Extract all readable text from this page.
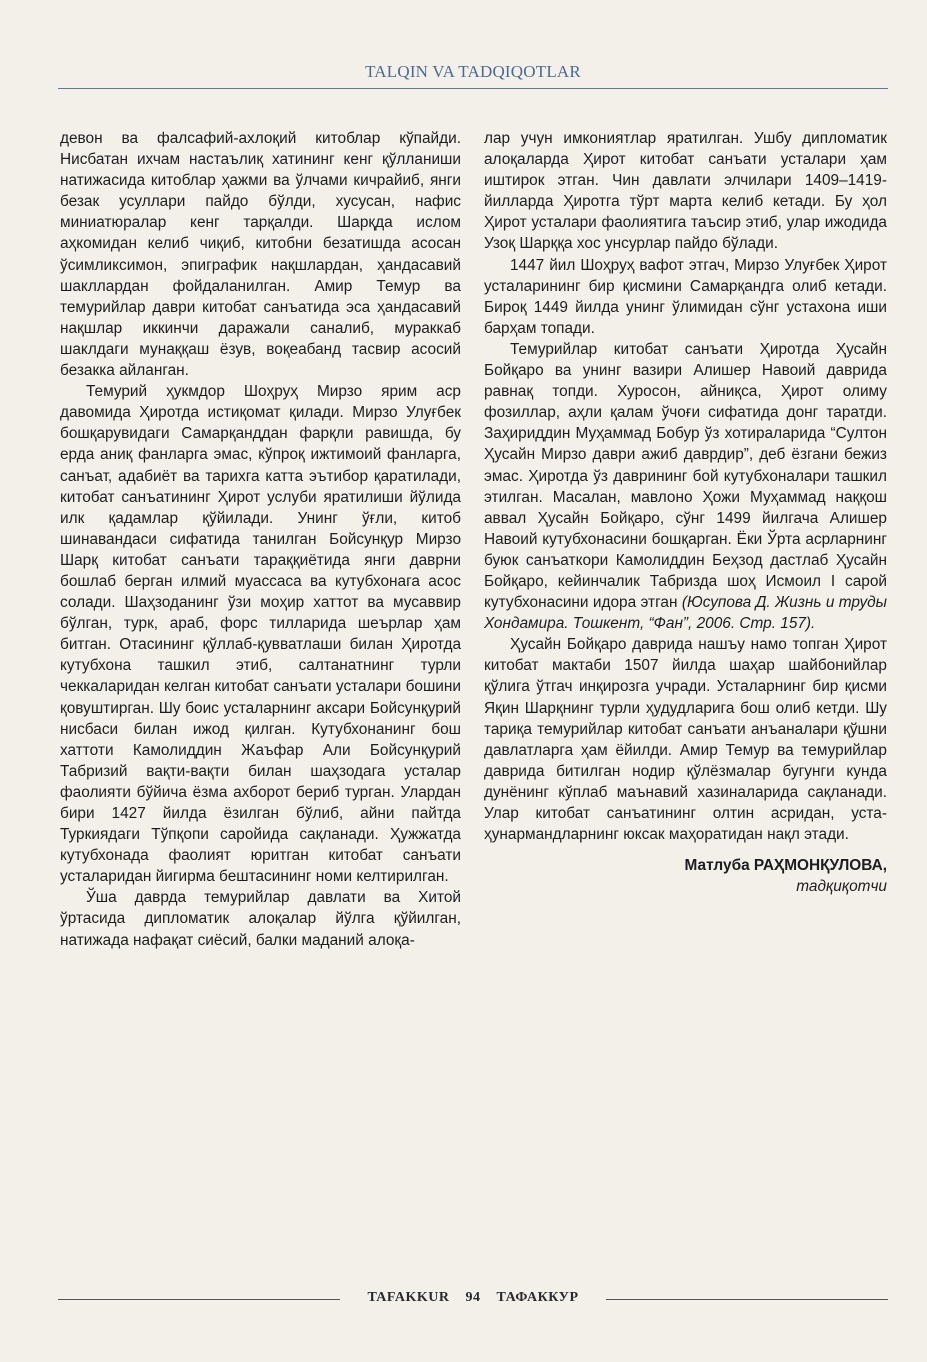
TALQIN VA TADQIQOTLAR

девон ва фалсафий-ахлоқий китоблар кўпайди. Нисбатан ихчам настаълиқ хатининг кенг қўлланиши натижасида китоблар ҳажми ва ўлчами кичрайиб, янги безак усуллари пайдо бўлди, хусусан, нафис миниатюралар кенг тарқалди. Шарқда ислом аҳкомидан келиб чиқиб, китобни безатишда асосан ўсимликсимон, эпиграфик нақшлардан, ҳандасавий шакллардан фойдаланилган. Амир Темур ва темурийлар даври китобат санъатида эса ҳандасавий нақшлар иккинчи даражали саналиб, мураккаб шаклдаги мунаққаш ёзув, воқеабанд тасвир асосий безакка айланган.

Темурий ҳукмдор Шоҳруҳ Мирзо ярим аср давомида Ҳиротда истиқомат қилади. Мирзо Улуғбек бошқарувидаги Самарқанддан фарқли равишда, бу ерда аниқ фанларга эмас, кўпроқ ижтимоий фанларга, санъат, адабиёт ва тарихга катта эътибор қаратилади, китобат санъатининг Ҳирот услуби яратилиши йўлида илк қадамлар қўйилади. Унинг ўғли, китоб шинавандаси сифатида танилган Бойсунқур Мирзо Шарқ китобат санъати тараққиётида янги даврни бошлаб берган илмий муассаса ва кутубхонага асос солади. Шаҳзоданинг ўзи моҳир хаттот ва мусаввир бўлган, турк, араб, форс тилларида шеърлар ҳам битган. Отасининг қўллаб-қувватлаши билан Ҳиротда кутубхона ташкил этиб, салтанатнинг турли чеккаларидан келган китобат санъати усталари бошини қовуштирган. Шу боис усталарнинг аксари Бойсунқурий нисбаси билан ижод қилган. Кутубхонанинг бош хаттоти Камолиддин Жаъфар Али Бойсунқурий Табризий вақти-вақти билан шаҳзодага усталар фаолияти бўйича ёзма ахборот бериб турган. Улардан бири 1427 йилда ёзилган бўлиб, айни пайтда Туркиядаги Тўпқопи саройида сақланади. Ҳужжатда кутубхонада фаолият юритган китобат санъати усталаридан йигирма бештасининг номи келтирилган.

Ўша даврда темурийлар давлати ва Хитой ўртасида дипломатик алоқалар йўлга қўйилган, натижада нафақат сиёсий, балки маданий алоқа-

лар учун имкониятлар яратилган. Ушбу дипломатик алоқаларда Ҳирот китобат санъати усталари ҳам иштирок этган. Чин давлати элчилари 1409–1419-йилларда Ҳиротга тўрт марта келиб кетади. Бу ҳол Ҳирот усталари фаолиятига таъсир этиб, улар ижодида Узоқ Шарққа хос унсурлар пайдо бўлади.

1447 йил Шоҳруҳ вафот этгач, Мирзо Улуғбек Ҳирот усталарининг бир қисмини Самарқандга олиб кетади. Бироқ 1449 йилда унинг ўлимидан сўнг устахона иши барҳам топади.

Темурийлар китобат санъати Ҳиротда Ҳусайн Бойқаро ва унинг вазири Алишер Навоий даврида равнақ топди. Хуросон, айниқса, Ҳирот олиму фозиллар, аҳли қалам ўчоғи сифатида донг таратди. Заҳириддин Муҳаммад Бобур ўз хотираларида “Султон Ҳусайн Мирзо даври ажиб даврдир”, деб ёзгани бежиз эмас. Ҳиротда ўз даврининг бой кутубхоналари ташкил этилган. Масалан, мавлоно Ҳожи Муҳаммад наққош аввал Ҳусайн Бойқаро, сўнг 1499 йилгача Алишер Навоий кутубхонасини бошқарган. Ёки Ўрта асрларнинг буюк санъаткори Камолиддин Беҳзод дастлаб Ҳусайн Бойқаро, кейинчалик Табризда шоҳ Исмоил I сарой кутубхонасини идора этган (Юсупова Д. Жизнь и труды Хондамира. Тошкент, “Фан”, 2006. Стр. 157).

Ҳусайн Бойқаро даврида нашъу намо топган Ҳирот китобат мактаби 1507 йилда шаҳар шайбонийлар қўлига ўтгач инқирозга учради. Усталарнинг бир қисми Яқин Шарқнинг турли ҳудудларига бош олиб кетди. Шу тариқа темурийлар китобат санъати анъаналари қўшни давлатларга ҳам ёйилди. Амир Темур ва темурийлар даврида битилган нодир қўлёзмалар бугунги кунда дунёнинг кўплаб маънавий хазиналарида сақланади. Улар китобат санъатининг олтин асридан, уста-ҳунармандларнинг юксак маҳоратидан нақл этади.

Матлуба РАҲМОНҚУЛОВА,
тадқиқотчи
TAFAKKUR 94 ТАФАККУР
